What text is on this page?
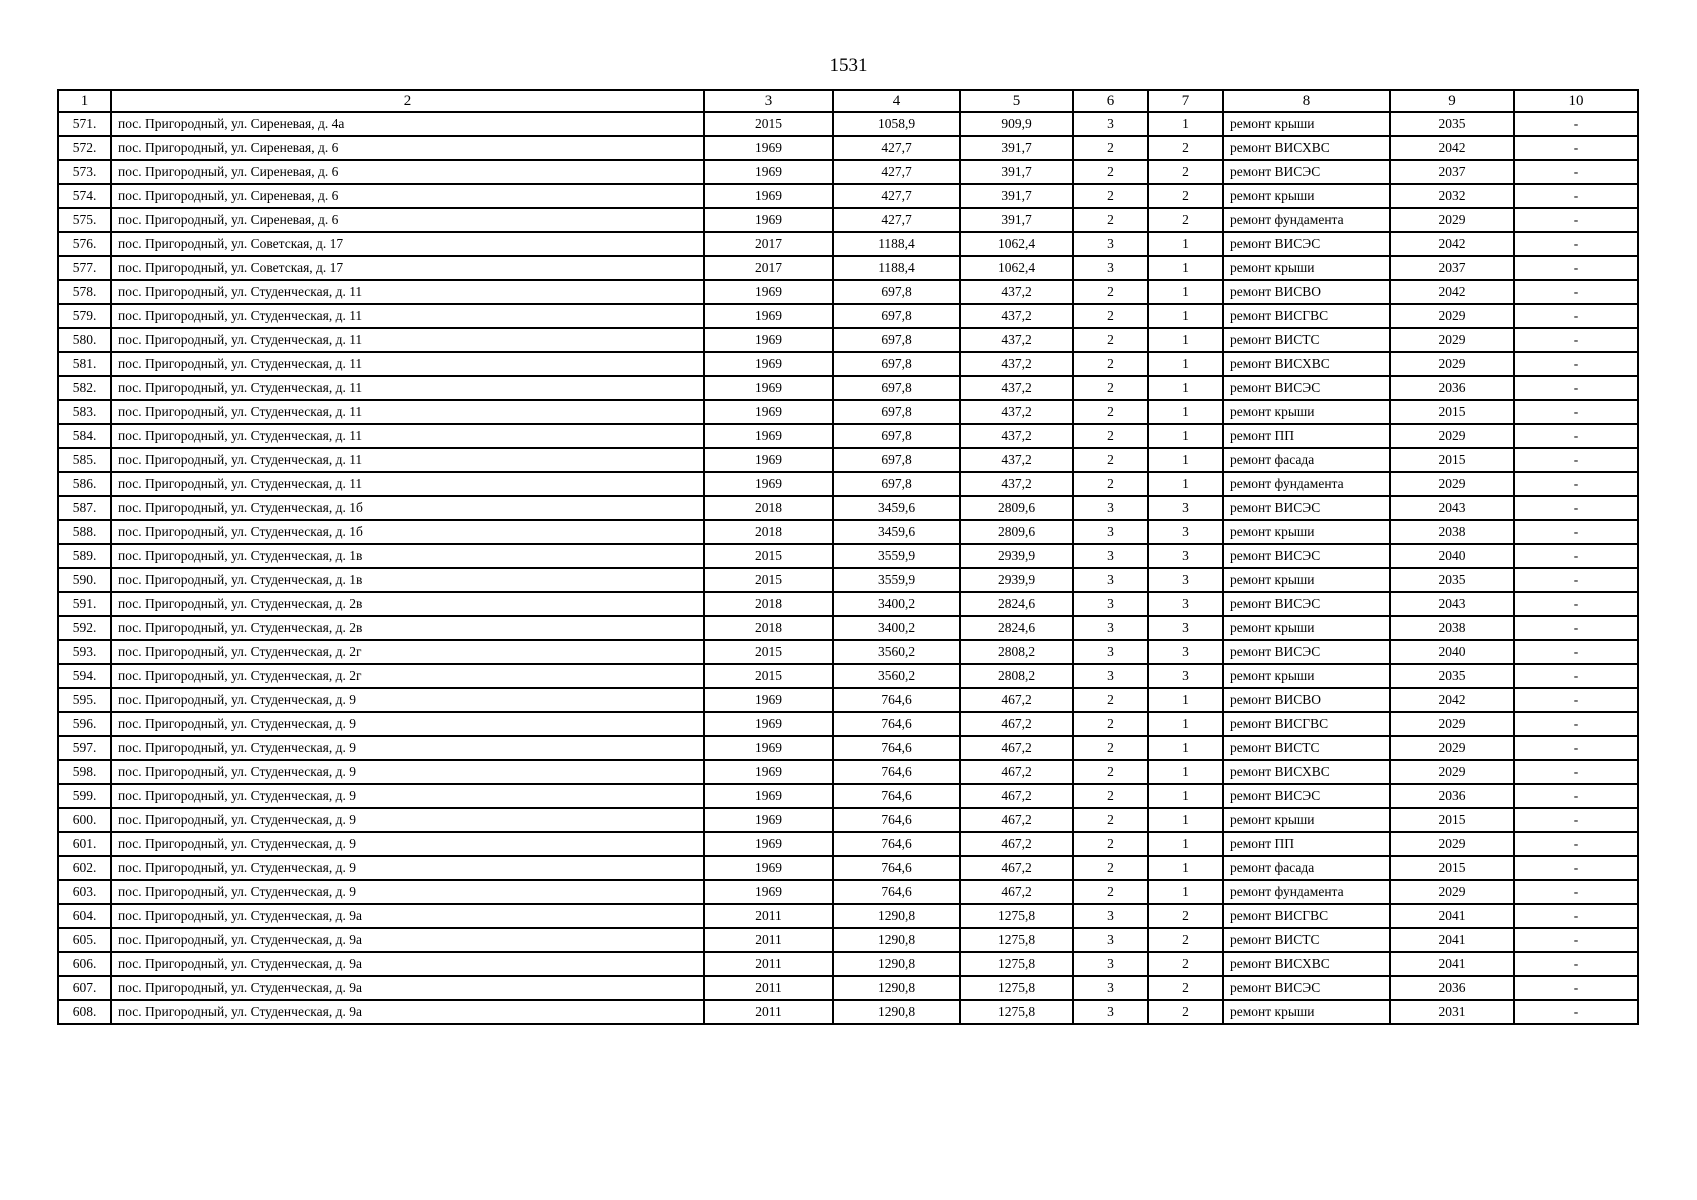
1531
1	2	3	4	5	6	7	8	9	10
571.	пос. Пригородный, ул. Сиреневая, д. 4а	2015	1058,9	909,9	3	1	ремонт крыши	2035	-
572.	пос. Пригородный, ул. Сиреневая, д. 6	1969	427,7	391,7	2	2	ремонт ВИСХВС	2042	-
573.	пос. Пригородный, ул. Сиреневая, д. 6	1969	427,7	391,7	2	2	ремонт ВИСЭС	2037	-
574.	пос. Пригородный, ул. Сиреневая, д. 6	1969	427,7	391,7	2	2	ремонт крыши	2032	-
575.	пос. Пригородный, ул. Сиреневая, д. 6	1969	427,7	391,7	2	2	ремонт фундамента	2029	-
576.	пос. Пригородный, ул. Советская, д. 17	2017	1188,4	1062,4	3	1	ремонт ВИСЭС	2042	-
577.	пос. Пригородный, ул. Советская, д. 17	2017	1188,4	1062,4	3	1	ремонт крыши	2037	-
578.	пос. Пригородный, ул. Студенческая, д. 11	1969	697,8	437,2	2	1	ремонт ВИСВО	2042	-
579.	пос. Пригородный, ул. Студенческая, д. 11	1969	697,8	437,2	2	1	ремонт ВИСГВС	2029	-
580.	пос. Пригородный, ул. Студенческая, д. 11	1969	697,8	437,2	2	1	ремонт ВИСТС	2029	-
581.	пос. Пригородный, ул. Студенческая, д. 11	1969	697,8	437,2	2	1	ремонт ВИСХВС	2029	-
582.	пос. Пригородный, ул. Студенческая, д. 11	1969	697,8	437,2	2	1	ремонт ВИСЭС	2036	-
583.	пос. Пригородный, ул. Студенческая, д. 11	1969	697,8	437,2	2	1	ремонт крыши	2015	-
584.	пос. Пригородный, ул. Студенческая, д. 11	1969	697,8	437,2	2	1	ремонт ПП	2029	-
585.	пос. Пригородный, ул. Студенческая, д. 11	1969	697,8	437,2	2	1	ремонт фасада	2015	-
586.	пос. Пригородный, ул. Студенческая, д. 11	1969	697,8	437,2	2	1	ремонт фундамента	2029	-
587.	пос. Пригородный, ул. Студенческая, д. 1б	2018	3459,6	2809,6	3	3	ремонт ВИСЭС	2043	-
588.	пос. Пригородный, ул. Студенческая, д. 1б	2018	3459,6	2809,6	3	3	ремонт крыши	2038	-
589.	пос. Пригородный, ул. Студенческая, д. 1в	2015	3559,9	2939,9	3	3	ремонт ВИСЭС	2040	-
590.	пос. Пригородный, ул. Студенческая, д. 1в	2015	3559,9	2939,9	3	3	ремонт крыши	2035	-
591.	пос. Пригородный, ул. Студенческая, д. 2в	2018	3400,2	2824,6	3	3	ремонт ВИСЭС	2043	-
592.	пос. Пригородный, ул. Студенческая, д. 2в	2018	3400,2	2824,6	3	3	ремонт крыши	2038	-
593.	пос. Пригородный, ул. Студенческая, д. 2г	2015	3560,2	2808,2	3	3	ремонт ВИСЭС	2040	-
594.	пос. Пригородный, ул. Студенческая, д. 2г	2015	3560,2	2808,2	3	3	ремонт крыши	2035	-
595.	пос. Пригородный, ул. Студенческая, д. 9	1969	764,6	467,2	2	1	ремонт ВИСВО	2042	-
596.	пос. Пригородный, ул. Студенческая, д. 9	1969	764,6	467,2	2	1	ремонт ВИСГВС	2029	-
597.	пос. Пригородный, ул. Студенческая, д. 9	1969	764,6	467,2	2	1	ремонт ВИСТС	2029	-
598.	пос. Пригородный, ул. Студенческая, д. 9	1969	764,6	467,2	2	1	ремонт ВИСХВС	2029	-
599.	пос. Пригородный, ул. Студенческая, д. 9	1969	764,6	467,2	2	1	ремонт ВИСЭС	2036	-
600.	пос. Пригородный, ул. Студенческая, д. 9	1969	764,6	467,2	2	1	ремонт крыши	2015	-
601.	пос. Пригородный, ул. Студенческая, д. 9	1969	764,6	467,2	2	1	ремонт ПП	2029	-
602.	пос. Пригородный, ул. Студенческая, д. 9	1969	764,6	467,2	2	1	ремонт фасада	2015	-
603.	пос. Пригородный, ул. Студенческая, д. 9	1969	764,6	467,2	2	1	ремонт фундамента	2029	-
604.	пос. Пригородный, ул. Студенческая, д. 9а	2011	1290,8	1275,8	3	2	ремонт ВИСГВС	2041	-
605.	пос. Пригородный, ул. Студенческая, д. 9а	2011	1290,8	1275,8	3	2	ремонт ВИСТС	2041	-
606.	пос. Пригородный, ул. Студенческая, д. 9а	2011	1290,8	1275,8	3	2	ремонт ВИСХВС	2041	-
607.	пос. Пригородный, ул. Студенческая, д. 9а	2011	1290,8	1275,8	3	2	ремонт ВИСЭС	2036	-
608.	пос. Пригородный, ул. Студенческая, д. 9а	2011	1290,8	1275,8	3	2	ремонт крыши	2031	-
